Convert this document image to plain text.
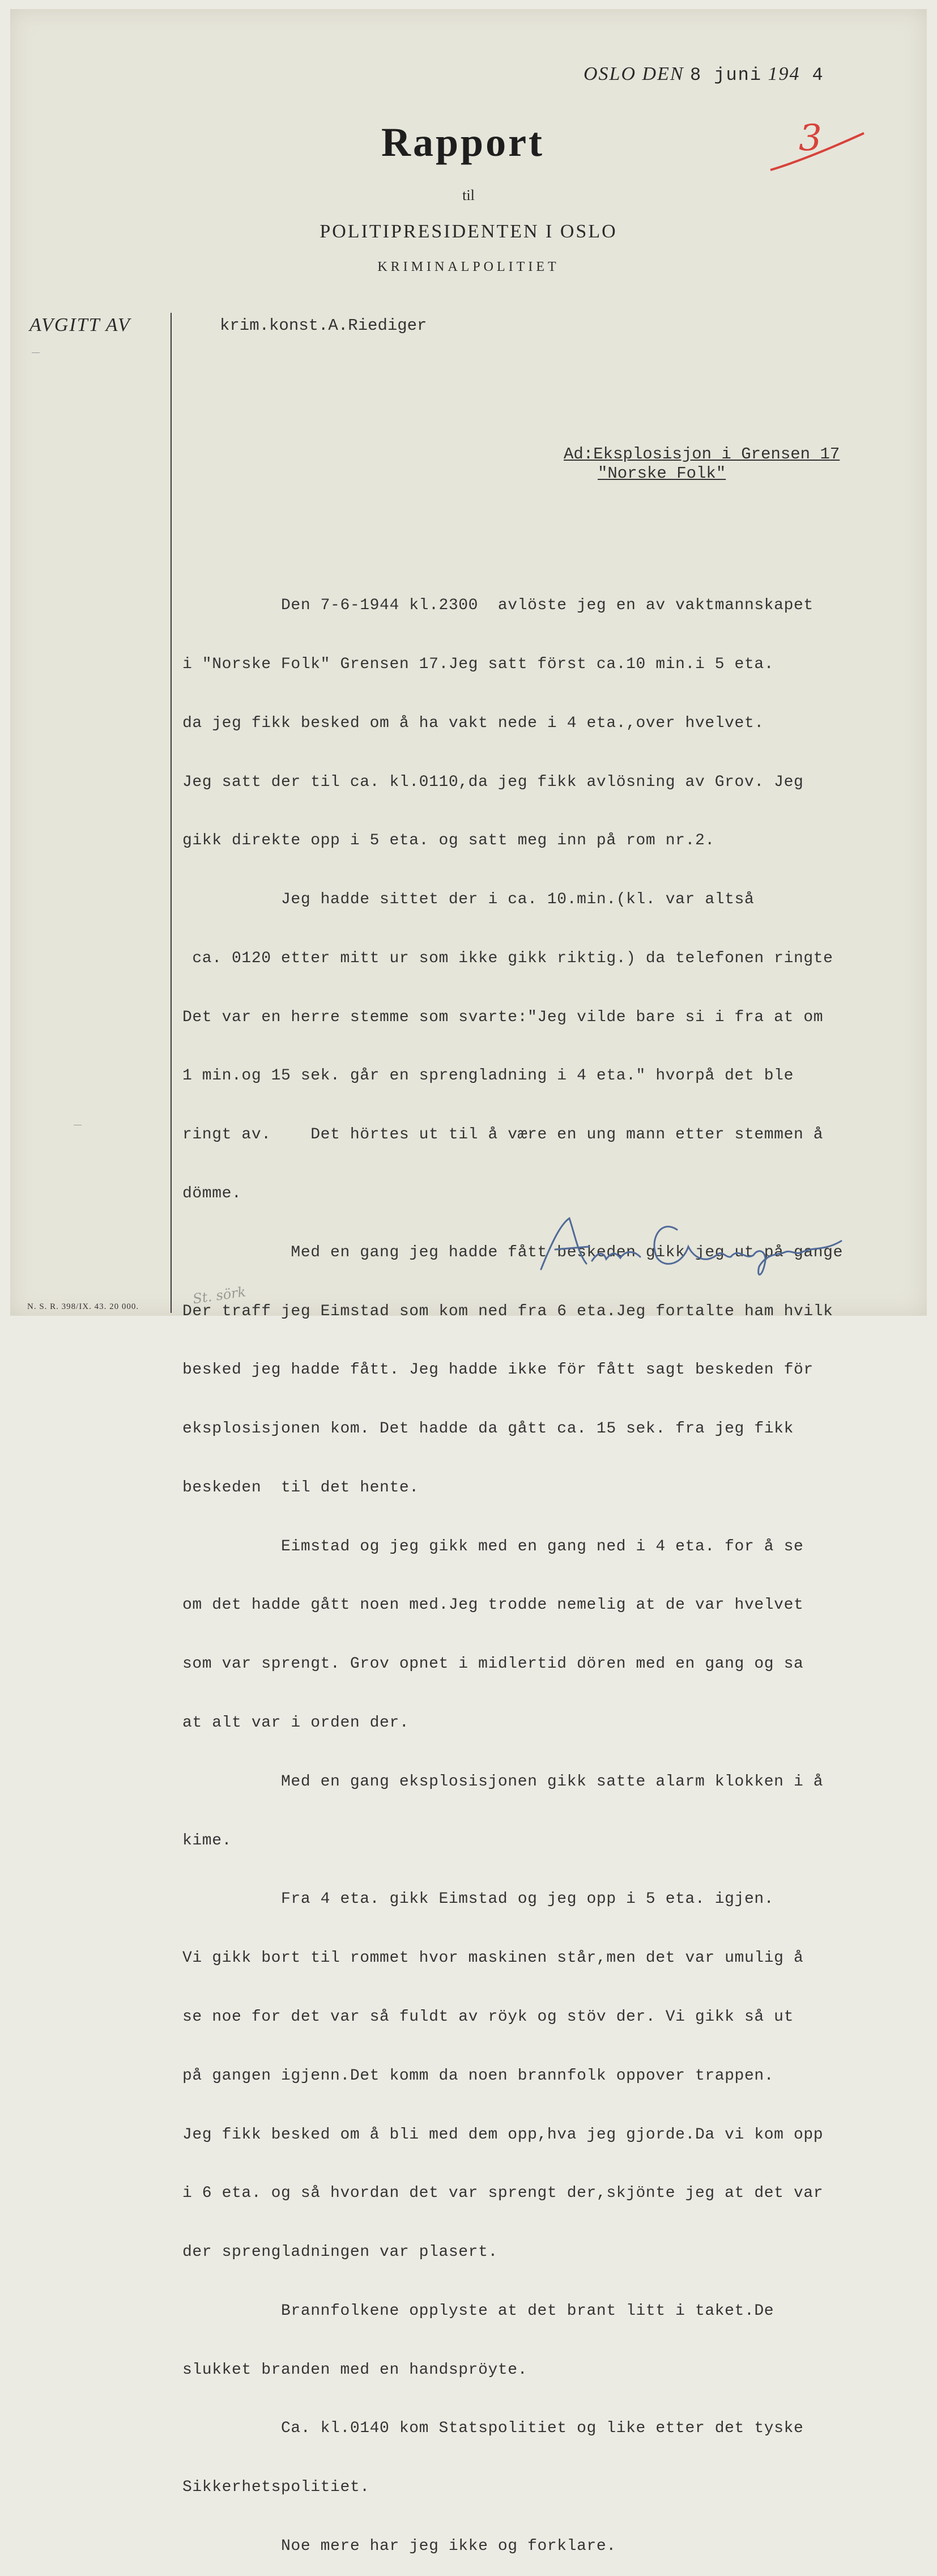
OSLO DEN 8 juni 194 4
3
Rapport
til
POLITIPRESIDENTEN I OSLO
KRIMINALPOLITIET
AVGITT AV	krim.konst.A.Riediger
Ad:Eksplosisjon i Grensen 17
"Norske Folk"

Den 7-6-1944 kl.2300  avlöste jeg en av vaktmannskapet

i "Norske Folk" Grensen 17.Jeg satt först ca.10 min.i 5 eta.

da jeg fikk besked om å ha vakt nede i 4 eta.,over hvelvet.

Jeg satt der til ca. kl.0110,da jeg fikk avlösning av Grov. Jeg

gikk direkte opp i 5 eta. og satt meg inn på rom nr.2.

Jeg hadde sittet der i ca. 10.min.(kl. var altså

ca. 0120 etter mitt ur som ikke gikk riktig.) da telefonen ringte

Det var en herre stemme som svarte:"Jeg vilde bare si i fra at om

1 min.og 15 sek. går en sprengladning i 4 eta." hvorpå det ble

ringt av.    Det hörtes ut til å være en ung mann etter stemmen å

dömme.

Med en gang jeg hadde fått beskeden gikk jeg ut på gange

Der traff jeg Eimstad som kom ned fra 6 eta.Jeg fortalte ham hvilk

besked jeg hadde fått. Jeg hadde ikke för fått sagt beskeden för

eksplosisjonen kom. Det hadde da gått ca. 15 sek. fra jeg fikk

beskeden  til det hente.

Eimstad og jeg gikk med en gang ned i 4 eta. for å se

om det hadde gått noen med.Jeg trodde nemelig at de var hvelvet

som var sprengt. Grov opnet i midlertid dören med en gang og sa

at alt var i orden der.

Med en gang eksplosisjonen gikk satte alarm klokken i å

kime.

Fra 4 eta. gikk Eimstad og jeg opp i 5 eta. igjen.

Vi gikk bort til rommet hvor maskinen står,men det var umulig å

se noe for det var så fuldt av röyk og stöv der. Vi gikk så ut

på gangen igjenn.Det komm da noen brannfolk oppover trappen.

Jeg fikk besked om å bli med dem opp,hva jeg gjorde.Da vi kom opp

i 6 eta. og så hvordan det var sprengt der,skjönte jeg at det var

der sprengladningen var plasert.

Brannfolkene opplyste at det brant litt i taket.De

slukket branden med en handspröyte.

Ca. kl.0140 kom Statspolitiet og like etter det tyske

Sikkerhetspolitiet.

Noe mere har jeg ikke og forklare.

St. sörk
N. S. R. 398/IX. 43. 20 000.
